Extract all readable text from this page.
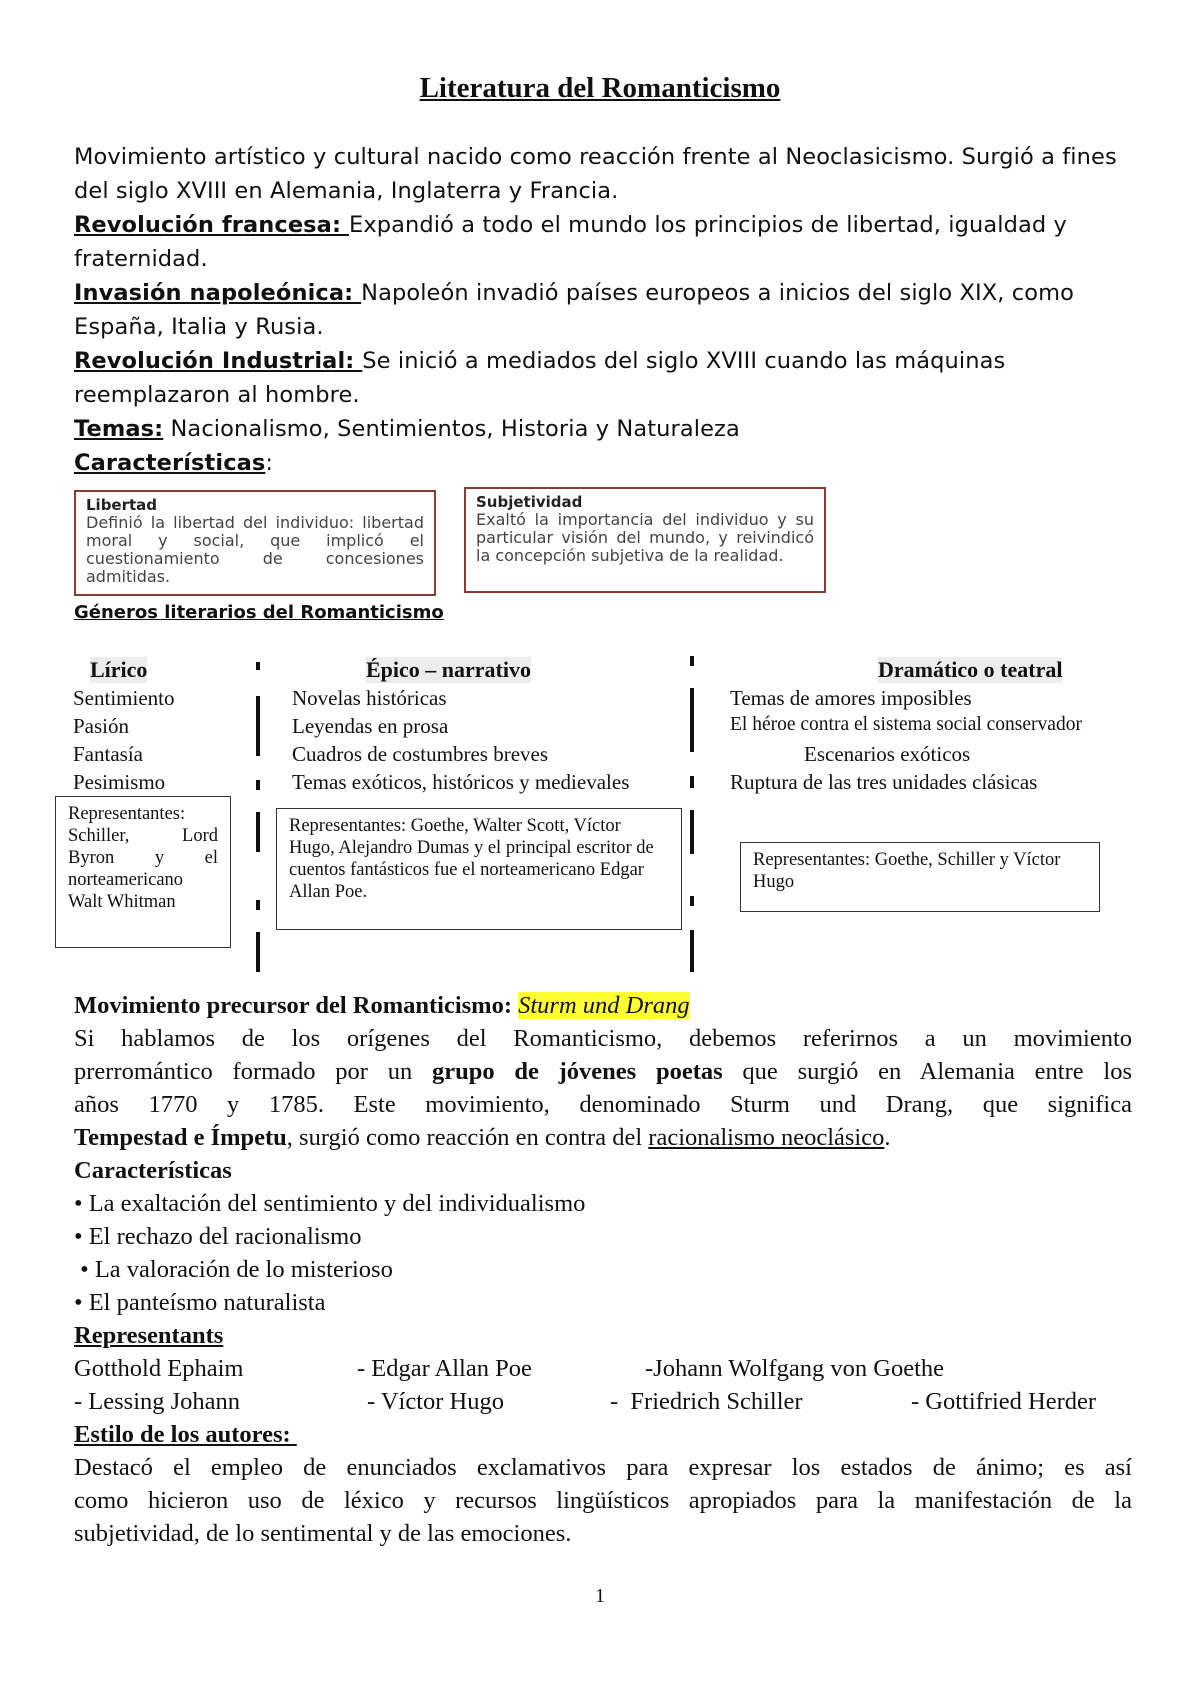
Literatura del Romanticismo
Movimiento artístico y cultural nacido como reacción frente al Neoclasicismo. Surgió a fines
del siglo XVIII en Alemania, Inglaterra y Francia.
Revolución francesa: Expandió a todo el mundo los principios de libertad, igualdad y
fraternidad.
Invasión napoleónica: Napoleón invadió países europeos a inicios del siglo XIX, como
España, Italia y Rusia.
Revolución Industrial: Se inició a mediados del siglo XVIII cuando las máquinas
reemplazaron al hombre.
Temas: Nacionalismo, Sentimientos, Historia y Naturaleza
Características:
Libertad
Definió la libertad del individuo: libertad moral y social, que implicó el cuestionamiento de concesiones admitidas.
Subjetividad
Exaltó la importancia del individuo y su particular visión del mundo, y reivindicó la concepción subjetiva de la realidad.
Géneros literarios del Romanticismo
Lírico
Sentimiento
Pasión
Fantasía
Pesimismo
Épico – narrativo
Novelas históricas
Leyendas en prosa
Cuadros de costumbres breves
Temas exóticos, históricos y medievales
Dramático o teatral
Temas de amores imposibles
El héroe contra el sistema social conservador
Escenarios exóticos
Ruptura de las tres unidades clásicas
Representantes: Schiller, Lord Byron y el norteamericano Walt Whitman
Representantes: Goethe, Walter Scott, Víctor Hugo, Alejandro Dumas y el principal escritor de cuentos fantásticos fue el norteamericano Edgar Allan Poe.
Representantes: Goethe, Schiller y Víctor Hugo
Movimiento precursor del Romanticismo: Sturm und Drang
Si hablamos de los orígenes del Romanticismo, debemos referirnos a un movimiento
prerromántico formado por un grupo de jóvenes poetas que surgió en Alemania entre los
años 1770 y 1785. Este movimiento, denominado Sturm und Drang, que significa
Tempestad e Ímpetu, surgió como reacción en contra del racionalismo neoclásico.
Características
• La exaltación del sentimiento y del individualismo
• El rechazo del racionalismo
• La valoración de lo misterioso
• El panteísmo naturalista
Representants
Gotthold Ephaim	- Edgar Allan Poe	-Johann Wolfgang von Goethe
- Lessing Johann	- Víctor Hugo	-  Friedrich Schiller	- Gottifried Herder
Estilo de los autores:
Destacó el empleo de enunciados exclamativos para expresar los estados de ánimo; es así
como hicieron uso de léxico y recursos lingüísticos apropiados para la manifestación de la
subjetividad, de lo sentimental y de las emociones.
1
